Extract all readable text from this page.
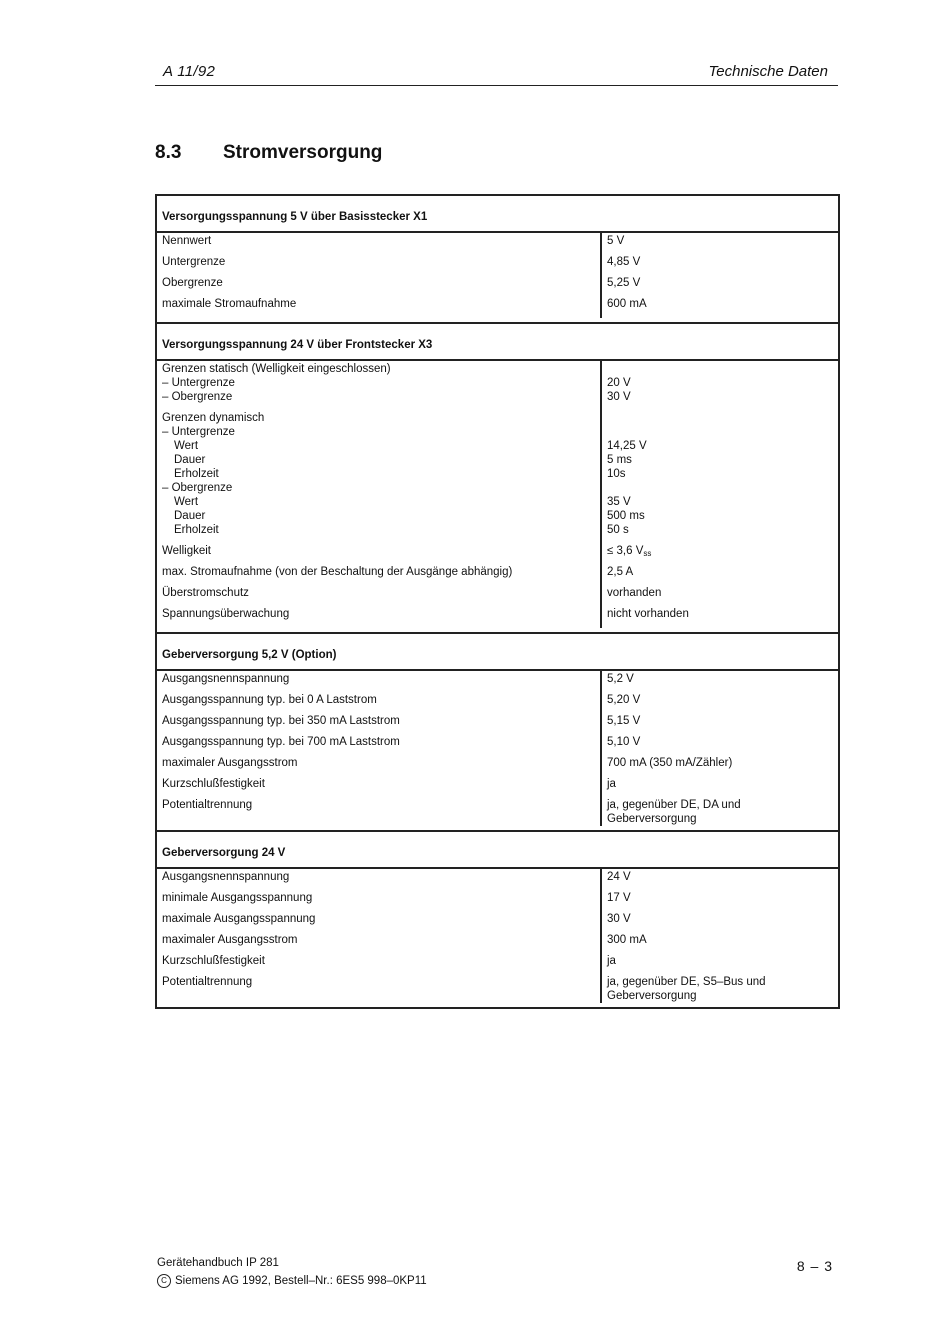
A 11/92	Technische Daten
8.3 Stromversorgung
Versorgungsspannung 5 V über Basisstecker X1
Nennwert
Untergrenze
Obergrenze
maximale Stromaufnahme
5 V
4,85 V
5,25 V
600 mA
Versorgungsspannung 24 V über Frontstecker X3
Grenzen statisch (Welligkeit eingeschlossen)
– Untergrenze
– Obergrenze
Grenzen dynamisch
– Untergrenze
Wert
Dauer
Erholzeit
– Obergrenze
Wert
Dauer
Erholzeit
Welligkeit
max. Stromaufnahme (von der Beschaltung der Ausgänge abhängig)
Überstromschutz
Spannungsüberwachung
20 V
30 V
14,25 V
5 ms
10s
35 V
500 ms
50 s
≤ 3,6 $V_{ss}$
2,5 A
vorhanden
nicht vorhanden
Geberversorgung 5,2 V (Option)
Ausgangsnennspannung
Ausgangsspannung typ. bei 0 A Laststrom
Ausgangsspannung typ. bei 350 mA Laststrom
Ausgangsspannung typ. bei 700 mA Laststrom
maximaler Ausgangsstrom
Kurzschlußfestigkeit
Potentialtrennung
5,2 V
5,20 V
5,15 V
5,10 V
700 mA (350 mA/Zähler)
ja
ja, gegenüber DE, DA und
Geberversorgung
Geberversorgung 24 V
Ausgangsnennspannung
minimale Ausgangsspannung
maximale Ausgangsspannung
maximaler Ausgangsstrom
Kurzschlußfestigkeit
Potentialtrennung
24 V
17 V
30 V
300 mA
ja
ja, gegenüber DE, S5–Bus und
Geberversorgung
Gerätehandbuch IP 281
C Siemens AG 1992, Bestell–Nr.: 6ES5 998–0KP11
8 – 3
